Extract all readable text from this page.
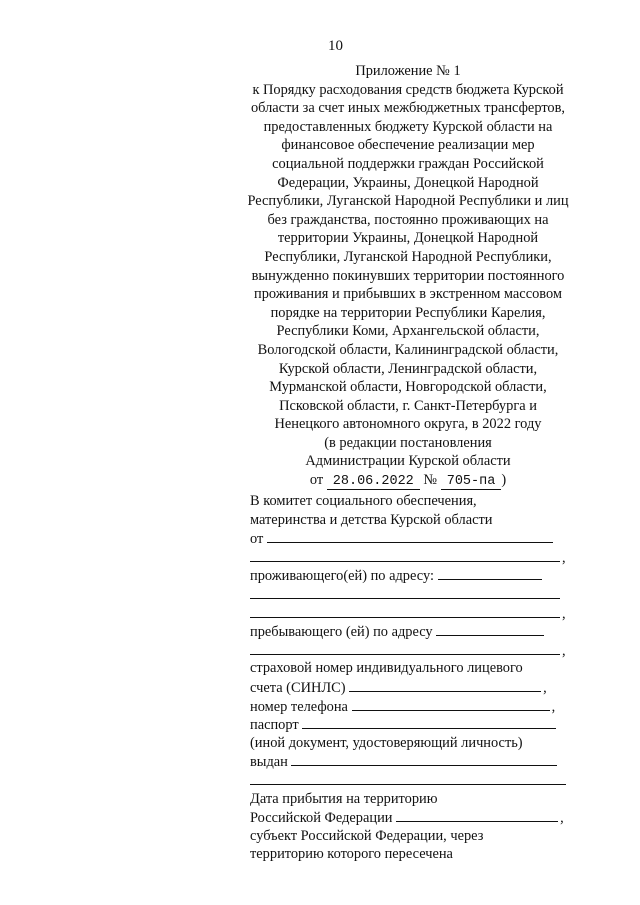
10
Приложение № 1
к Порядку расходования средств бюджета Курской
области за счет иных межбюджетных трансфертов,
предоставленных бюджету Курской области на
финансовое обеспечение реализации мер
социальной поддержки граждан Российской
Федерации, Украины, Донецкой Народной
Республики, Луганской Народной Республики и лиц
без гражданства, постоянно проживающих на
территории Украины, Донецкой Народной
Республики, Луганской Народной Республики,
вынужденно покинувших территории постоянного
проживания и прибывших в экстренном массовом
порядке на территории Республики Карелия,
Республики Коми, Архангельской области,
Вологодской области, Калининградской области,
Курской области, Ленинградской области,
Мурманской области, Новгородской области,
Псковской области, г. Санкт-Петербурга и
Ненецкого автономного округа, в 2022 году
(в редакции постановления
Администрации Курской области
от 28.06.2022 № 705-па )
В комитет социального обеспечения,
материнства и детства Курской области
от
,
проживающего(ей) по адресу:
,
пребывающего (ей) по адресу
,
страховой номер индивидуального лицевого
счета (СИНЛС)	,
номер телефона	,
паспорт
(иной документ, удостоверяющий личность)
выдан
Дата прибытия на территорию
Российской Федерации	,
субъект Российской Федерации, через
территорию которого пересечена
